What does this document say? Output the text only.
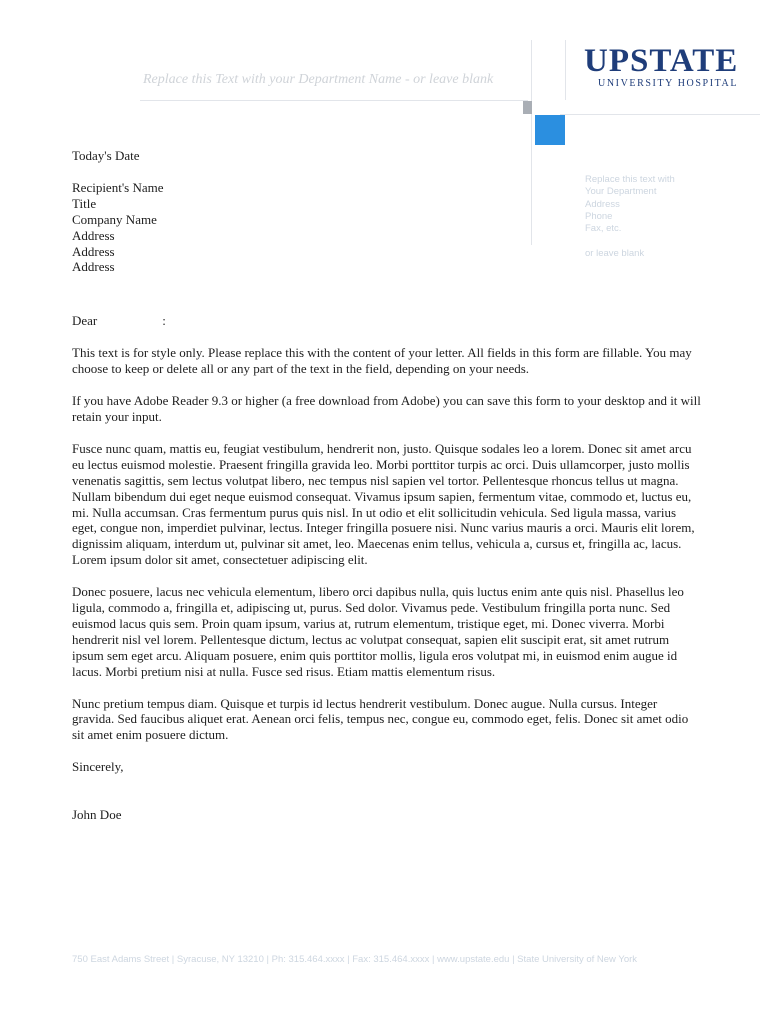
Replace this Text with your Department Name - or leave blank
UPSTATE
UNIVERSITY HOSPITAL
Replace this text with
Your Department
Address
Phone
Fax, etc.
or leave blank

Today's Date

Recipient's Name

Title

Company Name

Address

Address

Address

Dear                    :

This text is for style only. Please replace this with the content of your letter. All fields in this form are fillable. You may choose to keep or delete all or any part of the text in the field, depending on your needs.

If you have Adobe Reader 9.3 or higher (a free download from Adobe) you can save this form to your desktop and it will retain your input.

Fusce nunc quam, mattis eu, feugiat vestibulum, hendrerit non, justo. Quisque sodales leo a lorem. Donec sit amet arcu eu lectus euismod molestie. Praesent fringilla gravida leo. Morbi porttitor turpis ac orci. Duis ullamcorper, justo mollis venenatis sagittis, sem lectus volutpat libero, nec tempus nisl sapien vel tortor. Pellentesque rhoncus tellus ut magna. Nullam bibendum dui eget neque euismod consequat. Vivamus ipsum sapien, fermentum vitae, commodo et, luctus eu, mi. Nulla accumsan. Cras fermentum purus quis nisl. In ut odio et elit sollicitudin vehicula. Sed ligula massa, varius eget, congue non, imperdiet pulvinar, lectus. Integer fringilla posuere nisi. Nunc varius mauris a orci. Mauris elit lorem, dignissim aliquam, interdum ut, pulvinar sit amet, leo. Maecenas enim tellus, vehicula a, cursus et, fringilla ac, lacus. Lorem ipsum dolor sit amet, consectetuer adipiscing elit.

Donec posuere, lacus nec vehicula elementum, libero orci dapibus nulla, quis luctus enim ante quis nisl. Phasellus leo ligula, commodo a, fringilla et, adipiscing ut, purus. Sed dolor. Vivamus pede. Vestibulum fringilla porta nunc. Sed euismod lacus quis sem. Proin quam ipsum, varius at, rutrum elementum, tristique eget, mi. Donec viverra. Morbi hendrerit nisl vel lorem. Pellentesque dictum, lectus ac volutpat consequat, sapien elit suscipit erat, sit amet rutrum ipsum sem eget arcu. Aliquam posuere, enim quis porttitor mollis, ligula eros volutpat mi, in euismod enim augue id lacus. Morbi pretium nisi at nulla. Fusce sed risus. Etiam mattis elementum risus.

Nunc pretium tempus diam. Quisque et turpis id lectus hendrerit vestibulum. Donec augue. Nulla cursus. Integer gravida. Sed faucibus aliquet erat. Aenean orci felis, tempus nec, congue eu, commodo eget, felis. Donec sit amet odio sit amet enim posuere dictum.

Sincerely,

John Doe

750 East Adams Street | Syracuse, NY 13210 | Ph: 315.464.xxxx | Fax: 315.464.xxxx | www.upstate.edu | State University of New York
